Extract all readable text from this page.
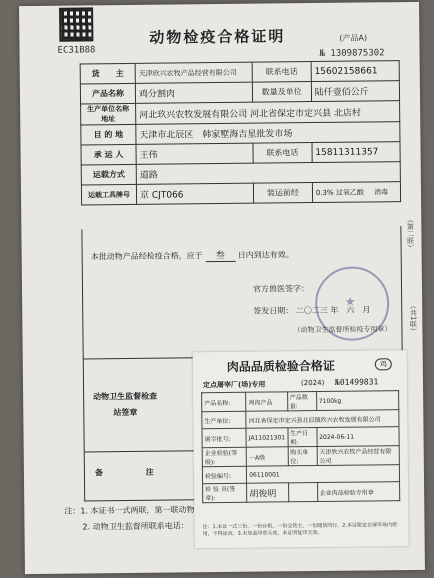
EC31B88
动物检疫合格证明	(产品A)
№ 1309875302
货　　主	天津欣兴农牧产品经营有限公司	联系电话	15602158661
产品名称	鸡分割肉	数量及单位	陆仟壹佰公斤
生产单位名称地址	河北玖兴农牧发展有限公司 河北省保定市定兴县 北店村		
目 的 地	天津市北辰区　韩家墅海吉星批发市场		
承 运 人	王伟	联系电话	15811311357
运载方式	道路		
运载工具牌号	京 CJT066	装运前经	0.3% 过氧乙酸 消毒
本批动物产品经检疫合格，应于 叁 日内到达有效。
官方兽医签字：
签发日期： 二〇二三 年　六　月
（动物卫生监督所检疫专用章）
动物卫生监督检查站签章
备 注
肉品品质检验合格证	鸡
定点屠宰厂(场)专用	(2024) №01499831
产品名称:	鸡肉产品	产品数量:	7100kg
生产单位:	河北省保定市定兴县北辰镇玖兴农牧发展有限公司		
屠宰批号:	JA11021301	生产日期:	2024-06-11
企业检验(等级):	一A级	购买单位:	天津欣兴农牧产品经营有限公司
检验编号:	06110001		
检 验 员(签章):	胡俊明		企业肉品检验专用章
注：1.本证一式三份，一份存根，一份交货主，一份随货同行。2.本证限定在屠宰场内使用，不得涂改。3.未加盖印章无效，本证明复印无效。
注：1. 本证书一式两联，第一联动物
2. 动物卫生监督所联系电话：
（第二联）
（共1联）
